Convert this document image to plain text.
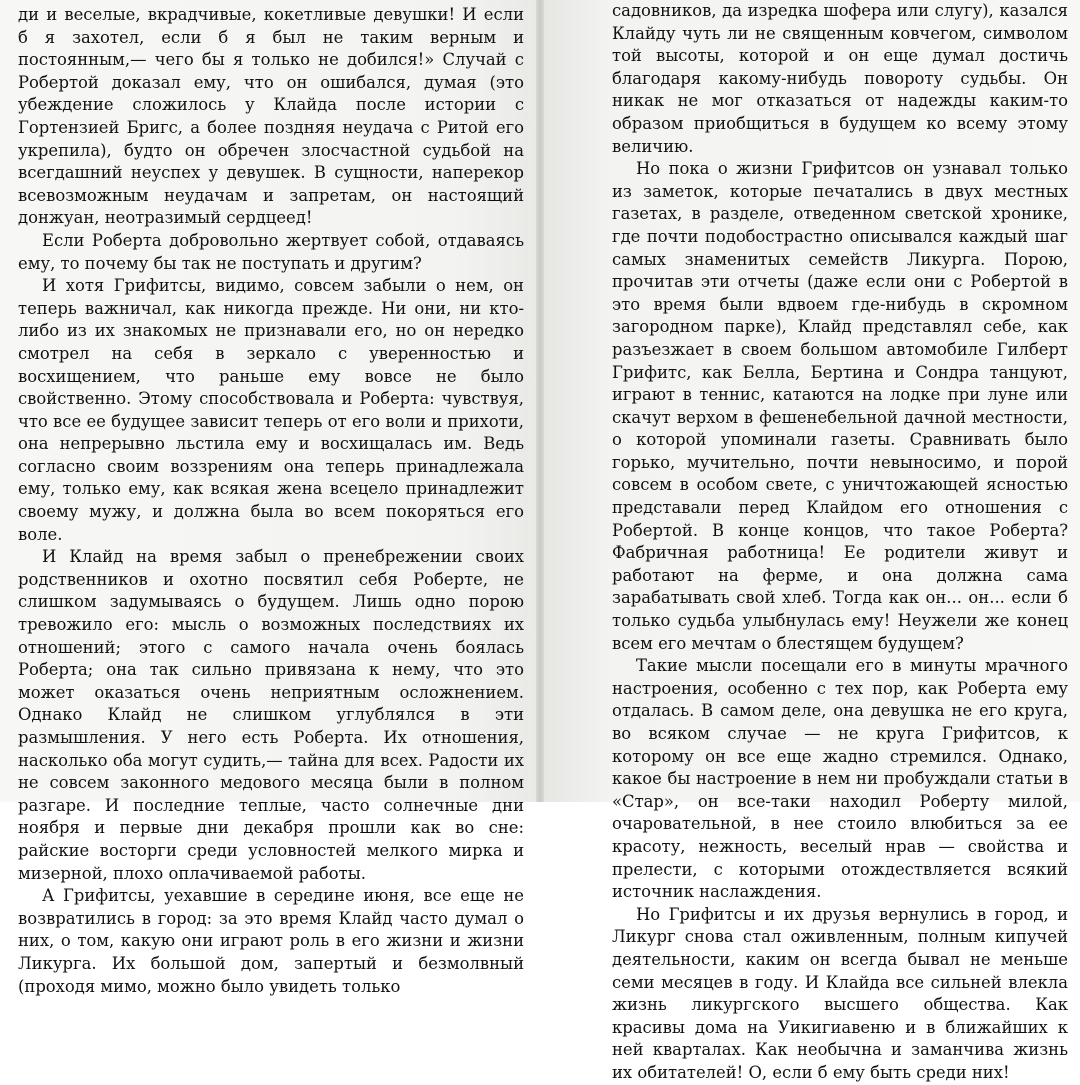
ди и веселые, вкрадчивые, кокетливые девушки! И если б я захотел, если б я был не таким верным и постоянным,— чего бы я только не добился!» Случай с Робертой доказал ему, что он ошибался, думая (это убеждение сложилось у Клайда после истории с Гортензией Бригс, а более поздняя неудача с Ритой его укрепила), будто он обречен злосчастной судьбой на всегдашний неуспех у девушек. В сущности, наперекор всевозможным неудачам и запретам, он настоящий донжуан, неотразимый сердцеед!

Если Роберта добровольно жертвует собой, отдаваясь ему, то почему бы так не поступать и другим?

И хотя Грифитсы, видимо, совсем забыли о нем, он теперь важничал, как никогда прежде. Ни они, ни кто-либо из их знакомых не признавали его, но он нередко смотрел на себя в зеркало с уверенностью и восхищением, что раньше ему вовсе не было свойственно. Этому способствовала и Роберта: чувствуя, что все ее будущее зависит теперь от его воли и прихоти, она непрерывно льстила ему и восхищалась им. Ведь согласно своим воззрениям она теперь принадлежала ему, только ему, как всякая жена всецело принадлежит своему мужу, и должна была во всем покоряться его воле.

И Клайд на время забыл о пренебрежении своих родственников и охотно посвятил себя Роберте, не слишком задумываясь о будущем. Лишь одно порою тревожило его: мысль о возможных последствиях их отношений; этого с самого начала очень боялась Роберта; она так сильно привязана к нему, что это может оказаться очень неприятным осложнением. Однако Клайд не слишком углублялся в эти размышления. У него есть Роберта. Их отношения, насколько оба могут судить,— тайна для всех. Радости их не совсем законного медового месяца были в полном разгаре. И последние теплые, часто солнечные дни ноября и первые дни декабря прошли как во сне: райские восторги среди условностей мелкого мирка и мизерной, плохо оплачиваемой работы.

А Грифитсы, уехавшие в середине июня, все еще не возвратились в город: за это время Клайд часто думал о них, о том, какую они играют роль в его жизни и жизни Ликурга. Их большой дом, запертый и безмолвный (проходя мимо, можно было увидеть только

садовников, да изредка шофера или слугу), казался Клайду чуть ли не священным ковчегом, символом той высоты, которой и он еще думал достичь благодаря какому-нибудь повороту судьбы. Он никак не мог отказаться от надежды каким-то образом приобщиться в будущем ко всему этому величию.

Но пока о жизни Грифитсов он узнавал только из заметок, которые печатались в двух местных газетах, в разделе, отведенном светской хронике, где почти подобострастно описывался каждый шаг самых знаменитых семейств Ликурга. Порою, прочитав эти отчеты (даже если они с Робертой в это время были вдвоем где-нибудь в скромном загородном парке), Клайд представлял себе, как разъезжает в своем большом автомобиле Гилберт Грифитс, как Белла, Бертина и Сондра танцуют, играют в теннис, катаются на лодке при луне или скачут верхом в фешенебельной дачной местности, о которой упоминали газеты. Сравнивать было горько, мучительно, почти невыносимо, и порой совсем в особом свете, с уничтожающей ясностью представали перед Клайдом его отношения с Робертой. В конце концов, что такое Роберта? Фабричная работница! Ее родители живут и работают на ферме, и она должна сама зарабатывать свой хлеб. Тогда как он... он... если б только судьба улыбнулась ему! Неужели же конец всем его мечтам о блестящем будущем?

Такие мысли посещали его в минуты мрачного настроения, особенно с тех пор, как Роберта ему отдалась. В самом деле, она девушка не его круга, во всяком случае — не круга Грифитсов, к которому он все еще жадно стремился. Однако, какое бы настроение в нем ни пробуждали статьи в «Стар», он все-таки находил Роберту милой, очаровательной, в нее стоило влюбиться за ее красоту, нежность, веселый нрав — свойства и прелести, с которыми отождествляется всякий источник наслаждения.

Но Грифитсы и их друзья вернулись в город, и Ликург снова стал оживленным, полным кипучей деятельности, каким он всегда бывал не меньше семи месяцев в году. И Клайда все сильней влекла жизнь ликургского высшего общества. Как красивы дома на Уикигиавеню и в ближайших к ней кварталах. Как необычна и заманчива жизнь их обитателей! О, если б ему быть среди них!
